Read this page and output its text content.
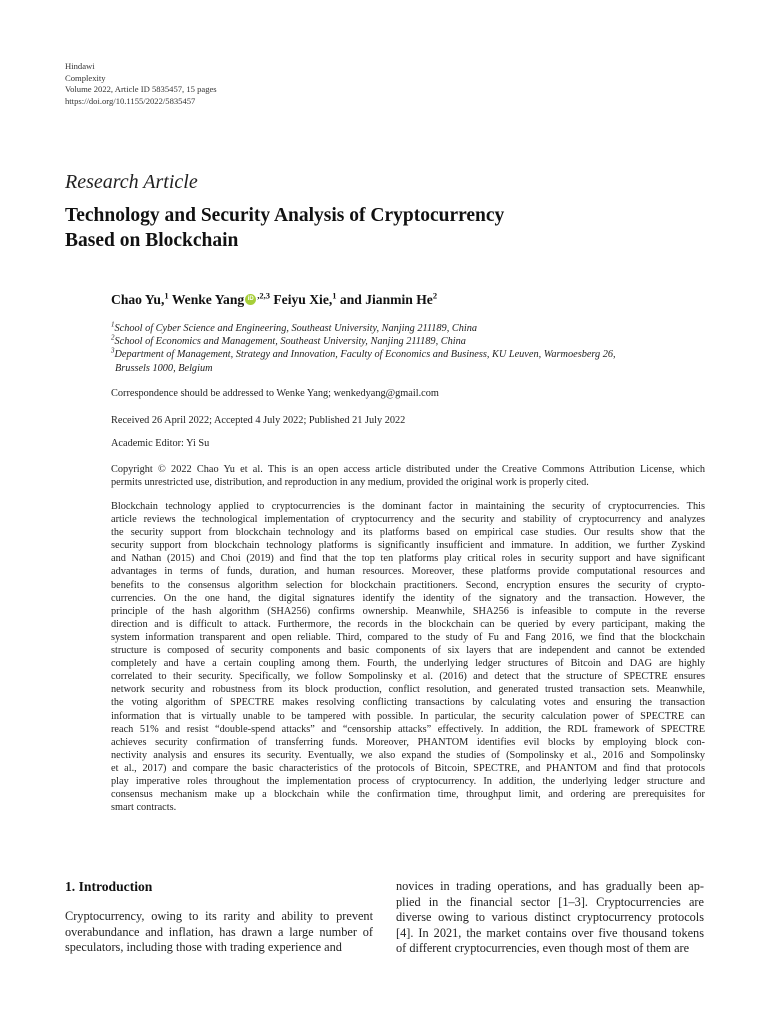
Hindawi
Complexity
Volume 2022, Article ID 5835457, 15 pages
https://doi.org/10.1155/2022/5835457
Research Article
Technology and Security Analysis of Cryptocurrency
Based on Blockchain
Chao Yu,$^1$ Wenke Yang iD $^{,2,3}$ Feiyu Xie,$^1$ and Jianmin He$^2$
$^1$School of Cyber Science and Engineering, Southeast University, Nanjing 211189, China
$^2$School of Economics and Management, Southeast University, Nanjing 211189, China
$^3$Department of Management, Strategy and Innovation, Faculty of Economics and Business, KU Leuven, Warmoesberg 26,
Brussels 1000, Belgium
Correspondence should be addressed to Wenke Yang; wenkedyang@gmail.com
Received 26 April 2022; Accepted 4 July 2022; Published 21 July 2022
Academic Editor: Yi Su
Copyright © 2022 Chao Yu et al. This is an open access article distributed under the Creative Commons Attribution License, which
permits unrestricted use, distribution, and reproduction in any medium, provided the original work is properly cited.
Blockchain technology applied to cryptocurrencies is the dominant factor in maintaining the security of cryptocurrencies. This
article reviews the technological implementation of cryptocurrency and the security and stability of cryptocurrency and analyzes
the security support from blockchain technology and its platforms based on empirical case studies. Our results show that the
security support from blockchain technology platforms is significantly insufficient and immature. In addition, we further Zyskind
and Nathan (2015) and Choi (2019) and find that the top ten platforms play critical roles in security support and have significant
advantages in terms of funds, duration, and human resources. Moreover, these platforms provide computational resources and
benefits to the consensus algorithm selection for blockchain practitioners. Second, encryption ensures the security of crypto-
currencies. On the one hand, the digital signatures identify the identity of the signatory and the transaction. However, the
principle of the hash algorithm (SHA256) confirms ownership. Meanwhile, SHA256 is infeasible to compute in the reverse
direction and is difficult to attack. Furthermore, the records in the blockchain can be queried by every participant, making the
system information transparent and open reliable. Third, compared to the study of Fu and Fang 2016, we find that the blockchain
structure is composed of security components and basic components of six layers that are independent and cannot be extended
completely and have a certain coupling among them. Fourth, the underlying ledger structures of Bitcoin and DAG are highly
correlated to their security. Specifically, we follow Sompolinsky et al. (2016) and detect that the structure of SPECTRE ensures
network security and robustness from its block production, conflict resolution, and generated trusted transaction sets. Meanwhile,
the voting algorithm of SPECTRE makes resolving conflicting transactions by calculating votes and ensuring the transaction
information that is virtually unable to be tampered with possible. In particular, the security calculation power of SPECTRE can
reach 51% and resist “double-spend attacks” and “censorship attacks” effectively. In addition, the RDL framework of SPECTRE
achieves security confirmation of transferring funds. Moreover, PHANTOM identifies evil blocks by employing block con-
nectivity analysis and ensures its security. Eventually, we also expand the studies of (Sompolinsky et al., 2016 and Sompolinsky
et al., 2017) and compare the basic characteristics of the protocols of Bitcoin, SPECTRE, and PHANTOM and find that protocols
play imperative roles throughout the implementation process of cryptocurrency. In addition, the underlying ledger structure and
consensus mechanism make up a blockchain while the confirmation time, throughput limit, and ordering are prerequisites for
smart contracts.
1. Introduction
Cryptocurrency, owing to its rarity and ability to prevent
overabundance and inflation, has drawn a large number of
speculators, including those with trading experience and
novices in trading operations, and has gradually been ap-
plied in the financial sector [1–3]. Cryptocurrencies are
diverse owing to various distinct cryptocurrency protocols
[4]. In 2021, the market contains over five thousand tokens
of different cryptocurrencies, even though most of them are
